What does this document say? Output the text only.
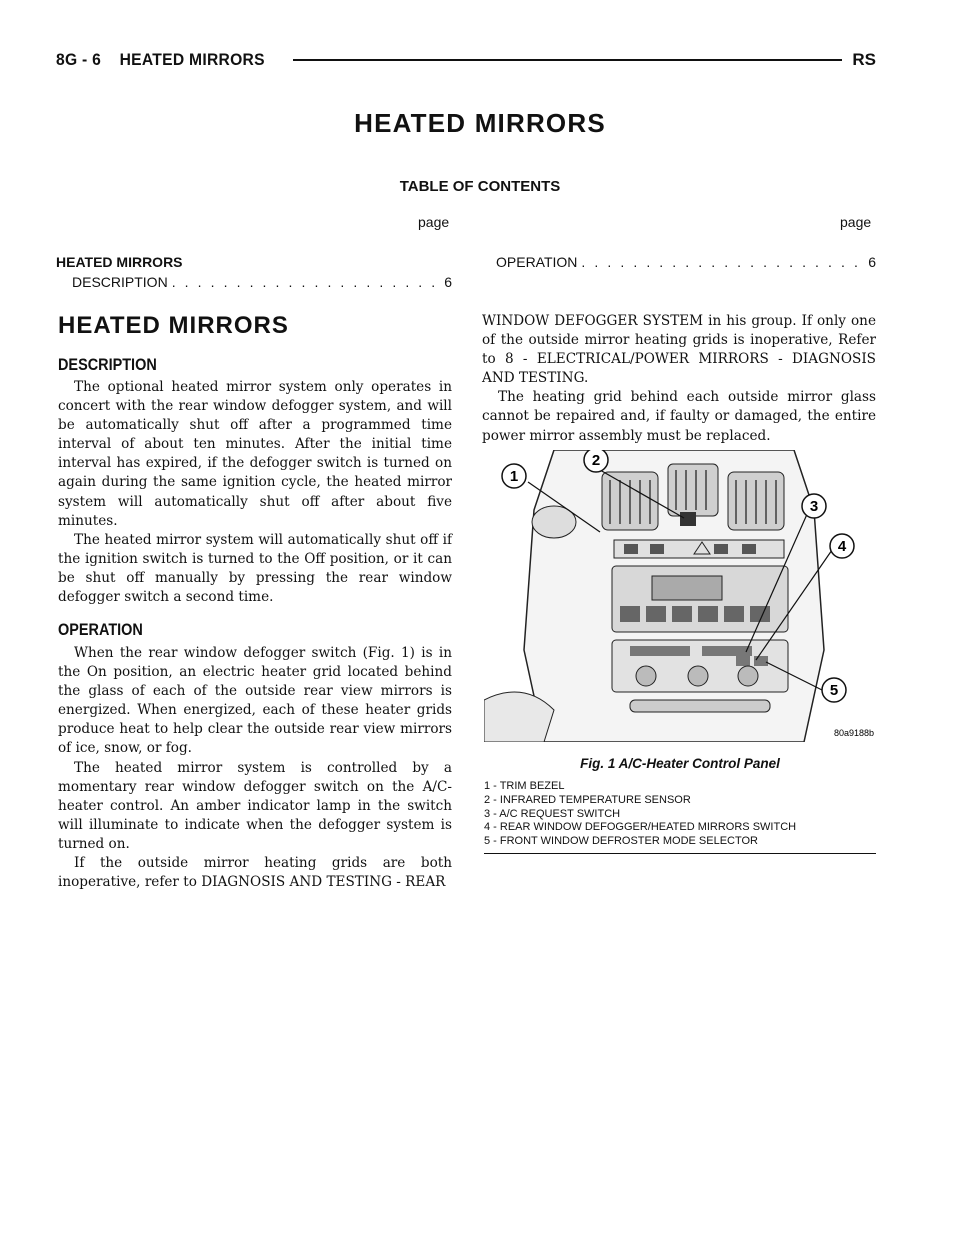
8G - 6    HEATED MIRRORS	RS
HEATED MIRRORS
TABLE OF CONTENTS
page	page
HEATED MIRRORS
DESCRIPTION . . .	6
OPERATION . . .	6
HEATED MIRRORS
DESCRIPTION

The optional heated mirror system only operates in concert with the rear window defogger system, and will be automatically shut off after a programmed time interval of about ten minutes. After the initial time interval has expired, if the defogger switch is turned on again during the same ignition cycle, the heated mirror system will automatically shut off after about five minutes.

The heated mirror system will automatically shut off if the ignition switch is turned to the Off position, or it can be shut off manually by pressing the rear window defogger switch a second time.

OPERATION

When the rear window defogger switch (Fig. 1) is in the On position, an electric heater grid located behind the glass of each of the outside rear view mirrors is energized. When energized, each of these heater grids produce heat to help clear the outside rear view mirrors of ice, snow, or fog.

The heated mirror system is controlled by a momentary rear window defogger switch on the A/C-heater control. An amber indicator lamp in the switch will illuminate to indicate when the defogger system is turned on.

If the outside mirror heating grids are both inoperative, refer to DIAGNOSIS AND TESTING - REAR

WINDOW DEFOGGER SYSTEM in his group. If only one of the outside mirror heating grids is inoperative, Refer to 8 - ELECTRICAL/POWER MIRRORS - DIAGNOSIS AND TESTING.

The heating grid behind each outside mirror glass cannot be repaired and, if faulty or damaged, the entire power mirror assembly must be replaced.

1
2
3
4
5
80a9188b
Fig. 1 A/C-Heater Control Panel
1 - TRIM BEZEL
2 - INFRARED TEMPERATURE SENSOR
3 - A/C REQUEST SWITCH
4 - REAR WINDOW DEFOGGER/HEATED MIRRORS SWITCH
5 - FRONT WINDOW DEFROSTER MODE SELECTOR
